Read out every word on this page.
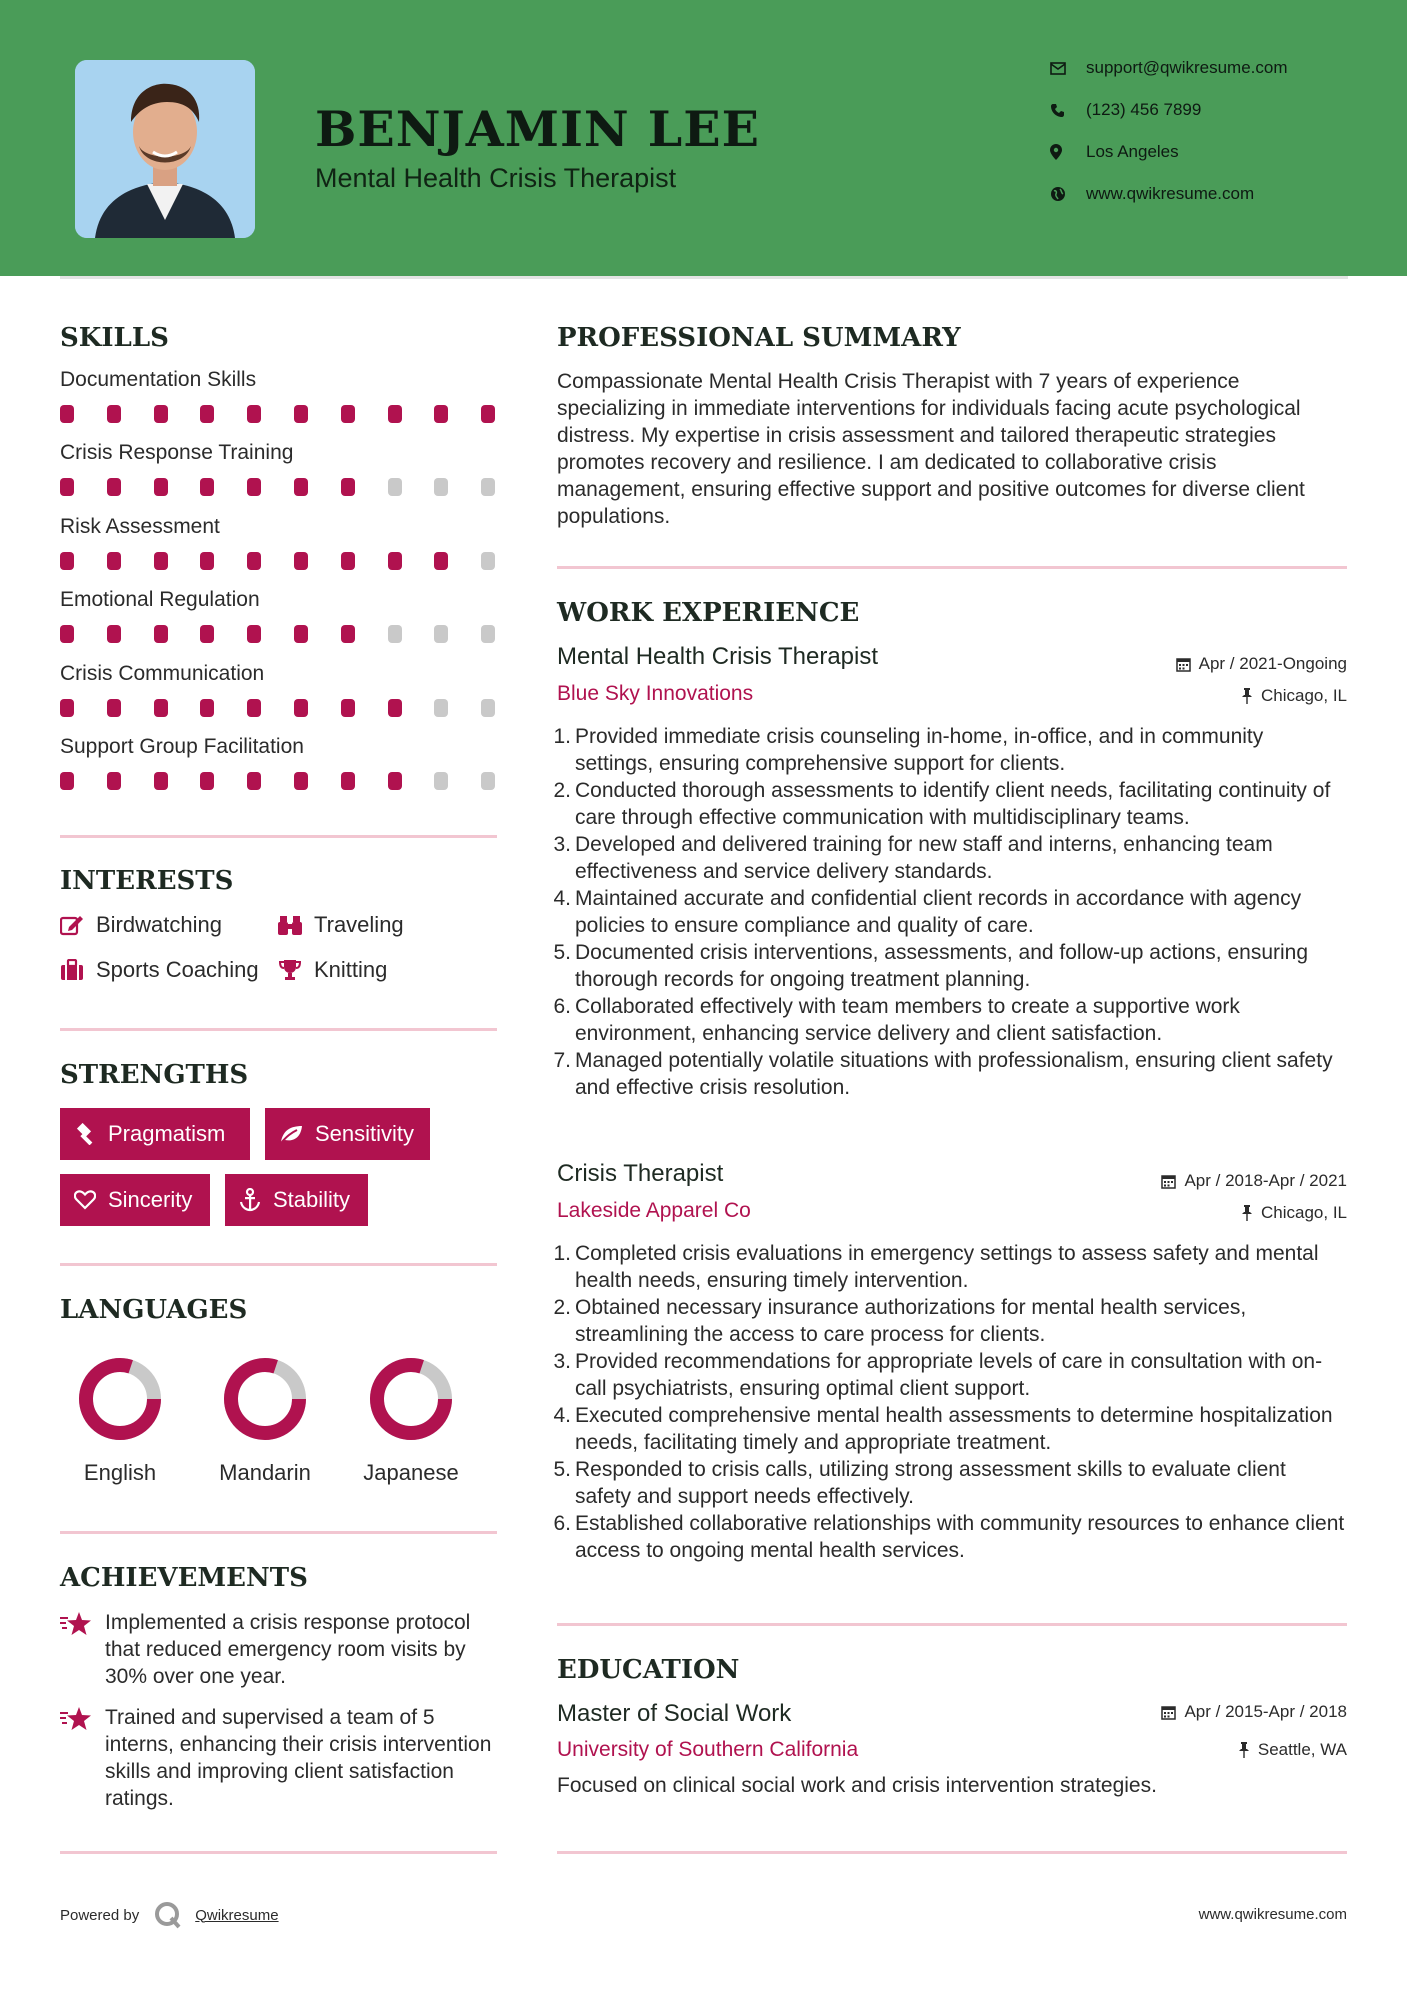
BENJAMIN LEE
Mental Health Crisis Therapist
support@qwikresume.com
(123) 456 7899
Los Angeles
www.qwikresume.com
SKILLS
Documentation Skills
Crisis Response Training
Risk Assessment
Emotional Regulation
Crisis Communication
Support Group Facilitation
INTERESTS
Birdwatching	Traveling
Sports Coaching	Knitting
STRENGTHS
Pragmatism	Sensitivity
Sincerity	Stability
LANGUAGES
English	Mandarin	Japanese
ACHIEVEMENTS
Implemented a crisis response protocol that reduced emergency room visits by 30% over one year.
Trained and supervised a team of 5 interns, enhancing their crisis intervention skills and improving client satisfaction ratings.
PROFESSIONAL SUMMARY
Compassionate Mental Health Crisis Therapist with 7 years of experience specializing in immediate interventions for individuals facing acute psychological distress. My expertise in crisis assessment and tailored therapeutic strategies promotes recovery and resilience. I am dedicated to collaborative crisis management, ensuring effective support and positive outcomes for diverse client populations.
WORK EXPERIENCE
Mental Health Crisis Therapist	Apr / 2021-Ongoing
Blue Sky Innovations	Chicago, IL
1. Provided immediate crisis counseling in-home, in-office, and in community settings, ensuring comprehensive support for clients.
2. Conducted thorough assessments to identify client needs, facilitating continuity of care through effective communication with multidisciplinary teams.
3. Developed and delivered training for new staff and interns, enhancing team effectiveness and service delivery standards.
4. Maintained accurate and confidential client records in accordance with agency policies to ensure compliance and quality of care.
5. Documented crisis interventions, assessments, and follow-up actions, ensuring thorough records for ongoing treatment planning.
6. Collaborated effectively with team members to create a supportive work environment, enhancing service delivery and client satisfaction.
7. Managed potentially volatile situations with professionalism, ensuring client safety and effective crisis resolution.
Crisis Therapist	Apr / 2018-Apr / 2021
Lakeside Apparel Co	Chicago, IL
1. Completed crisis evaluations in emergency settings to assess safety and mental health needs, ensuring timely intervention.
2. Obtained necessary insurance authorizations for mental health services, streamlining the access to care process for clients.
3. Provided recommendations for appropriate levels of care in consultation with on-call psychiatrists, ensuring optimal client support.
4. Executed comprehensive mental health assessments to determine hospitalization needs, facilitating timely and appropriate treatment.
5. Responded to crisis calls, utilizing strong assessment skills to evaluate client safety and support needs effectively.
6. Established collaborative relationships with community resources to enhance client access to ongoing mental health services.
EDUCATION
Master of Social Work	Apr / 2015-Apr / 2018
University of Southern California	Seattle, WA
Focused on clinical social work and crisis intervention strategies.
Powered by	Qwikresume	www.qwikresume.com
